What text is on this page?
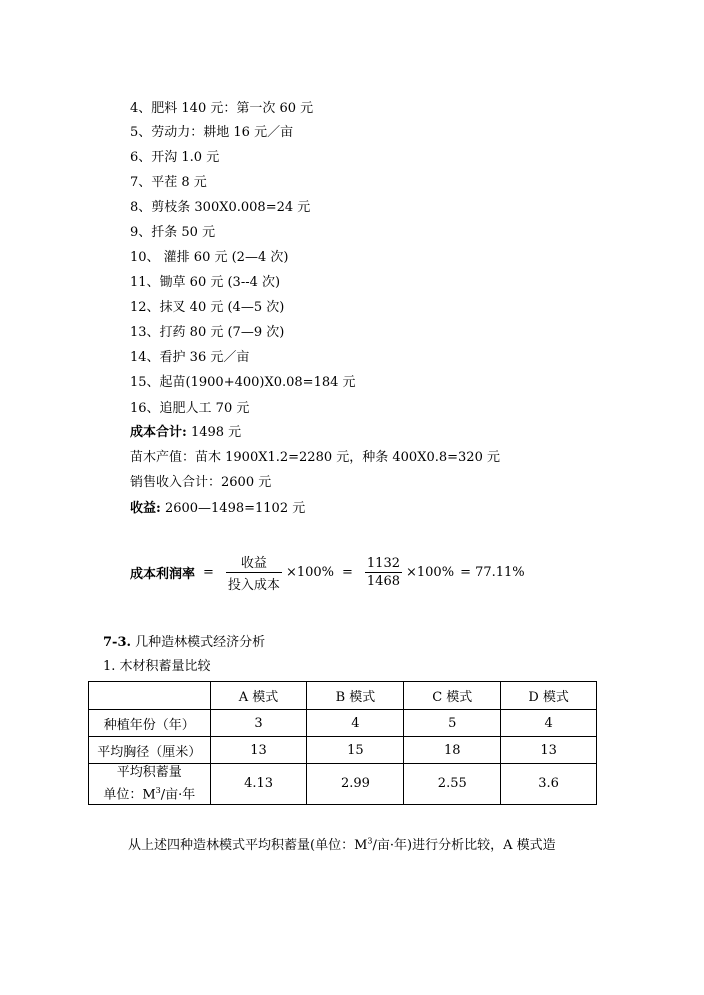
4、肥料 140 元：第一次 60 元
5、劳动力：耕地 16 元／亩
6、开沟 1.0 元
7、平茬 8 元
8、剪枝条 300X0.008=24 元
9、扦条 50 元
10、 灌排 60 元 (2—4 次)
11、锄草 60 元 (3--4 次)
12、抹叉 40 元 (4—5 次)
13、打药 80 元 (7—9 次)
14、看护 36 元／亩
15、起苗(1900+400)X0.08=184 元
16、追肥人工 70 元
成本合计: 1498 元
苗木产值：苗木 1900X1.2=2280 元，种条 400X0.8=320 元
销售收入合计：2600 元
收益: 2600—1498=1102 元
成本利润率 = $\frac{\text{收益}}{\text{投入成本}} \times 100\% = \frac{1132}{1468} \times 100\% = 77.11\%$
7-3. 几种造林模式经济分析
1. 木材积蓄量比较
	A 模式	B 模式	C 模式	D 模式
种植年份（年）	3	4	5	4
平均胸径（厘米）	13	15	18	13

平均积蓄量
单位：$M^3/$亩·年	4.13	2.99	2.55	3.6
从上述四种造林模式平均积蓄量(单位：$M^3/$亩·年)进行分析比较，A 模式造
